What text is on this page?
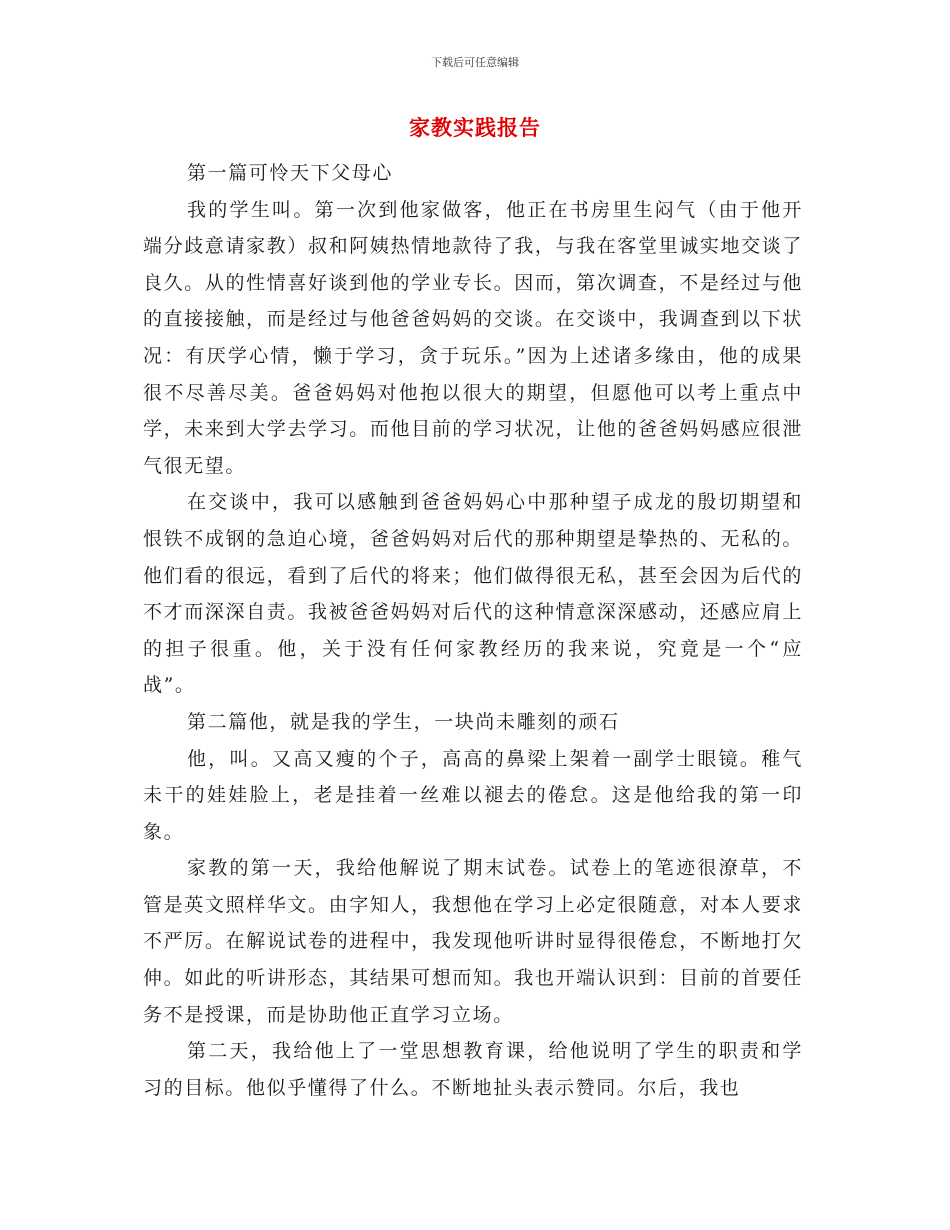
下载后可任意编辑
家教实践报告

第一篇可怜天下父母心

我的学生叫。第一次到他家做客，他正在书房里生闷气（由于他开端分歧意请家教）叔和阿姨热情地款待了我，与我在客堂里诚实地交谈了良久。从的性情喜好谈到他的学业专长。因而，第次调查，不是经过与他的直接接触，而是经过与他爸爸妈妈的交谈。在交谈中，我调查到以下状况：有厌学心情，懒于学习，贪于玩乐。”因为上述诸多缘由，他的成果很不尽善尽美。爸爸妈妈对他抱以很大的期望，但愿他可以考上重点中学，未来到大学去学习。而他目前的学习状况，让他的爸爸妈妈感应很泄气很无望。

在交谈中，我可以感触到爸爸妈妈心中那种望子成龙的殷切期望和恨铁不成钢的急迫心境，爸爸妈妈对后代的那种期望是挚热的、无私的。他们看的很远，看到了后代的将来；他们做得很无私，甚至会因为后代的不才而深深自责。我被爸爸妈妈对后代的这种情意深深感动，还感应肩上的担子很重。他，关于没有任何家教经历的我来说，究竟是一个“应战”。

第二篇他，就是我的学生，一块尚未雕刻的顽石

他，叫。又高又瘦的个子，高高的鼻梁上架着一副学士眼镜。稚气未干的娃娃脸上，老是挂着一丝难以褪去的倦怠。这是他给我的第一印象。

家教的第一天，我给他解说了期末试卷。试卷上的笔迹很潦草，不管是英文照样华文。由字知人，我想他在学习上必定很随意，对本人要求不严厉。在解说试卷的进程中，我发现他听讲时显得很倦怠，不断地打欠伸。如此的听讲形态，其结果可想而知。我也开端认识到：目前的首要任务不是授课，而是协助他正直学习立场。

第二天，我给他上了一堂思想教育课，给他说明了学生的职责和学习的目标。他似乎懂得了什么。不断地扯头表示赞同。尔后，我也
